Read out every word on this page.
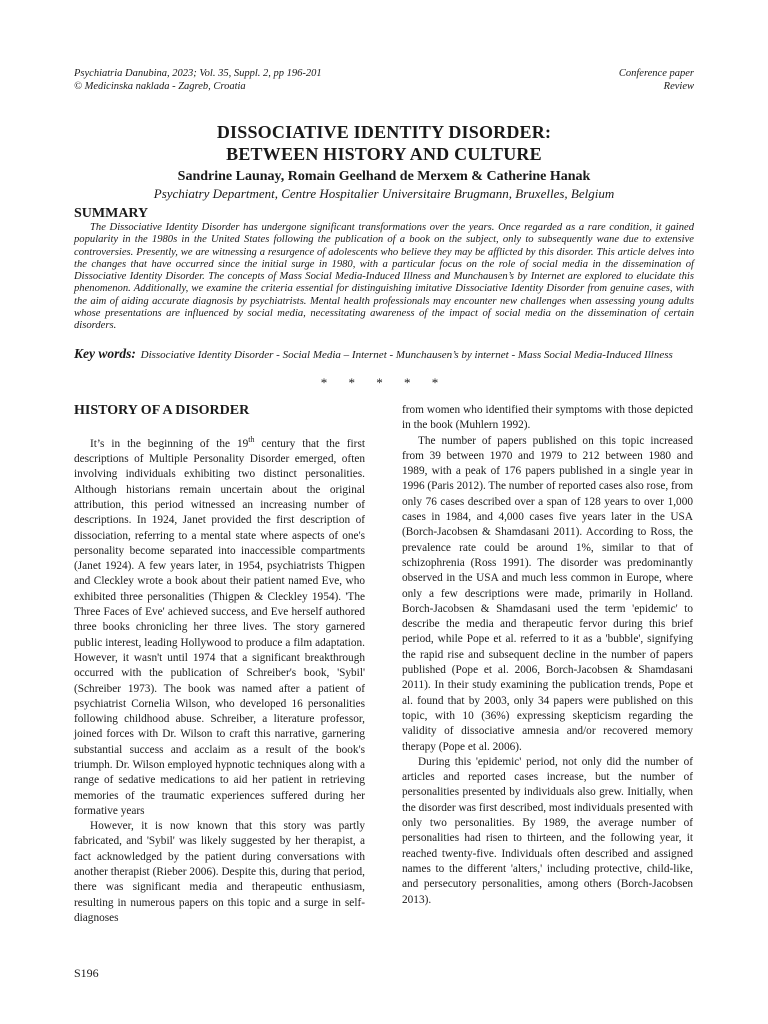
Psychiatria Danubina, 2023; Vol. 35, Suppl. 2, pp 196-201
© Medicinska naklada - Zagreb, Croatia
Conference paper
Review
DISSOCIATIVE IDENTITY DISORDER:
BETWEEN HISTORY AND CULTURE
Sandrine Launay, Romain Geelhand de Merxem & Catherine Hanak
Psychiatry Department, Centre Hospitalier Universitaire Brugmann, Bruxelles, Belgium
SUMMARY

The Dissociative Identity Disorder has undergone significant transformations over the years. Once regarded as a rare condition, it gained popularity in the 1980s in the United States following the publication of a book on the subject, only to subsequently wane due to extensive controversies. Presently, we are witnessing a resurgence of adolescents who believe they may be afflicted by this disorder. This article delves into the changes that have occurred since the initial surge in 1980, with a particular focus on the role of social media in the dissemination of Dissociative Identity Disorder. The concepts of Mass Social Media-Induced Illness and Munchausen’s by Internet are explored to elucidate this phenomenon. Additionally, we examine the criteria essential for distinguishing imitative Dissociative Identity Disorder from genuine cases, with the aim of aiding accurate diagnosis by psychiatrists. Mental health professionals may encounter new challenges when assessing young adults whose presentations are influenced by social media, necessitating awareness of the impact of social media on the dissemination of certain disorders.

Key words: Dissociative Identity Disorder - Social Media – Internet - Munchausen’s by internet - Mass Social Media-Induced Illness
* * * * *
HISTORY OF A DISORDER

It’s in the beginning of the 19th century that the first descriptions of Multiple Personality Disorder emerged, often involving individuals exhibiting two distinct personalities. Although historians remain uncertain about the original attribution, this period witnessed an increasing number of descriptions. In 1924, Janet provided the first description of dissociation, referring to a mental state where aspects of one's personality become separated into inaccessible compartments (Janet 1924). A few years later, in 1954, psychiatrists Thigpen and Cleckley wrote a book about their patient named Eve, who exhibited three personalities (Thigpen & Cleckley 1954). 'The Three Faces of Eve' achieved success, and Eve herself authored three books chronicling her three lives. The story garnered public interest, leading Hollywood to produce a film adaptation. However, it wasn't until 1974 that a significant breakthrough occurred with the publication of Schreiber's book, 'Sybil' (Schreiber 1973). The book was named after a patient of psychiatrist Cornelia Wilson, who developed 16 personalities following childhood abuse. Schreiber, a literature professor, joined forces with Dr. Wilson to craft this narrative, garnering substantial success and acclaim as a result of the book's triumph. Dr. Wilson employed hypnotic techniques along with a range of sedative medications to aid her patient in retrieving memories of the traumatic experiences suffered during her formative years

However, it is now known that this story was partly fabricated, and 'Sybil' was likely suggested by her therapist, a fact acknowledged by the patient during conversations with another therapist (Rieber 2006). Despite this, during that period, there was significant media and therapeutic enthusiasm, resulting in numerous papers on this topic and a surge in self-diagnoses

from women who identified their symptoms with those depicted in the book (Muhlern 1992).

The number of papers published on this topic increased from 39 between 1970 and 1979 to 212 between 1980 and 1989, with a peak of 176 papers published in a single year in 1996 (Paris 2012). The number of reported cases also rose, from only 76 cases described over a span of 128 years to over 1,000 cases in 1984, and 4,000 cases five years later in the USA (Borch-Jacobsen & Shamdasani 2011). According to Ross, the prevalence rate could be around 1%, similar to that of schizophrenia (Ross 1991). The disorder was predominantly observed in the USA and much less common in Europe, where only a few descriptions were made, primarily in Holland. Borch-Jacobsen & Shamdasani used the term 'epidemic' to describe the media and therapeutic fervor during this brief period, while Pope et al. referred to it as a 'bubble', signifying the rapid rise and subsequent decline in the number of papers published (Pope et al. 2006, Borch-Jacobsen & Shamdasani 2011). In their study examining the publication trends, Pope et al. found that by 2003, only 34 papers were published on this topic, with 10 (36%) expressing skepticism regarding the validity of dissociative amnesia and/or recovered memory therapy (Pope et al. 2006).

During this 'epidemic' period, not only did the number of articles and reported cases increase, but the number of personalities presented by individuals also grew. Initially, when the disorder was first described, most individuals presented with only two personalities. By 1989, the average number of personalities had risen to thirteen, and the following year, it reached twenty-five. Individuals often described and assigned names to the different 'alters,' including protective, child-like, and persecutory personalities, among others (Borch-Jacobsen 2013).

S196
